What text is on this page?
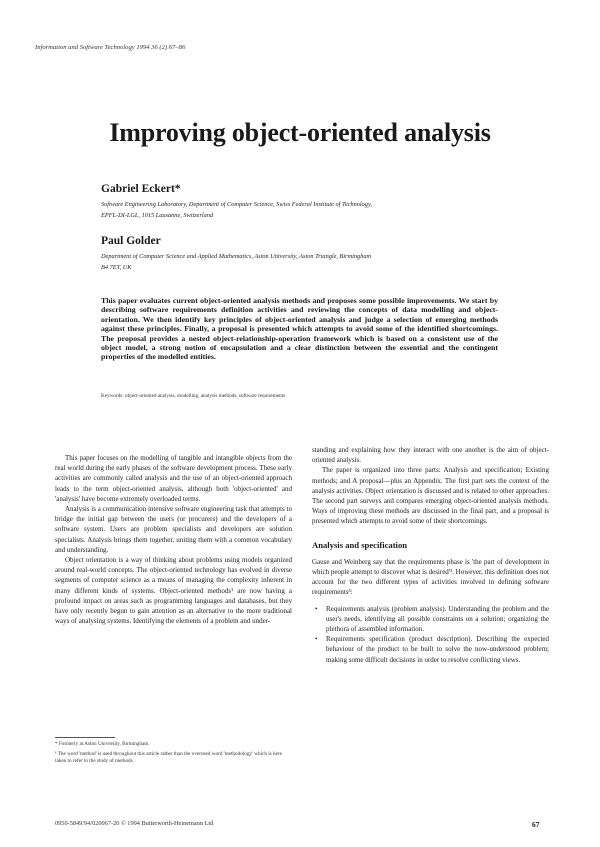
Information and Software Technology 1994 36 (2) 67–86
Improving object-oriented analysis
Gabriel Eckert*
Software Engineering Laboratory, Department of Computer Science, Swiss Federal Institute of Technology,
EPFL-DI-LGL, 1015 Lausanne, Switzerland
Paul Golder
Department of Computer Science and Applied Mathematics, Aston University, Aston Triangle, Birmingham
B4 7ET, UK
This paper evaluates current object-oriented analysis methods and proposes some possible improvements. We start by describing software requirements definition activities and reviewing the concepts of data modelling and object-orientation. We then identify key principles of object-oriented analysis and judge a selection of emerging methods against these principles. Finally, a proposal is presented which attempts to avoid some of the identified shortcomings. The proposal provides a nested object-relationship-operation framework which is based on a consistent use of the object model, a strong notion of encapsulation and a clear distinction between the essential and the contingent properties of the modelled entities.
Keywords: object-oriented analysis, modelling, analysis methods, software requirements

This paper focuses on the modelling of tangible and intangible objects from the real world during the early phases of the software development process. These early activities are commonly called analysis and the use of an object-oriented approach leads to the term object-oriented analysis, although both 'object-oriented' and 'analysis' have become extremely overloaded terms.

Analysis is a communication intensive software engineering task that attempts to bridge the initial gap between the users (or procurers) and the developers of a software system. Users are problem specialists and developers are solution specialists. Analysis brings them together, uniting them with a common vocabulary and understanding.

Object orientation is a way of thinking about problems using models organized around real-world concepts. The object-oriented technology has evolved in diverse segments of computer science as a means of managing the complexity inherent in many different kinds of systems. Object-oriented methods¹ are now having a profound impact on areas such as programming languages and databases, but they have only recently begun to gain attention as an alternative to the more traditional ways of analysing systems. Identifying the elements of a problem and under-

standing and explaining how they interact with one another is the aim of object-oriented analysis.

The paper is organized into three parts: Analysis and specification; Existing methods; and A proposal—plus an Appendix. The first part sets the context of the analysis activities. Object orientation is discussed and is related to other approaches. The second part surveys and compares emerging object-oriented analysis methods. Ways of improving these methods are discussed in the final part, and a proposal is presented which attempts to avoid some of their shortcomings.

Analysis and specification

Gause and Weinberg say that the requirements phase is 'the part of development in which people attempt to discover what is desired'². However, this definition does not account for the two different types of activities involved in defining software requirements³:

• Requirements analysis (problem analysis). Understanding the problem and the user's needs, identifying all possible constraints on a solution; organizing the plethora of assembled information.
• Requirements specification (product description). Describing the expected behaviour of the product to be built to solve the now-understood problem; making some difficult decisions in order to resolve conflicting views.

* Formerly at Aston University, Birmingham.

¹ The word 'method' is used throughout this article rather than the overused word 'methodology' which is here taken to refer to the study of methods.

0950-5849/94/020067-20 © 1994 Butterworth-Heinemann Ltd	67
